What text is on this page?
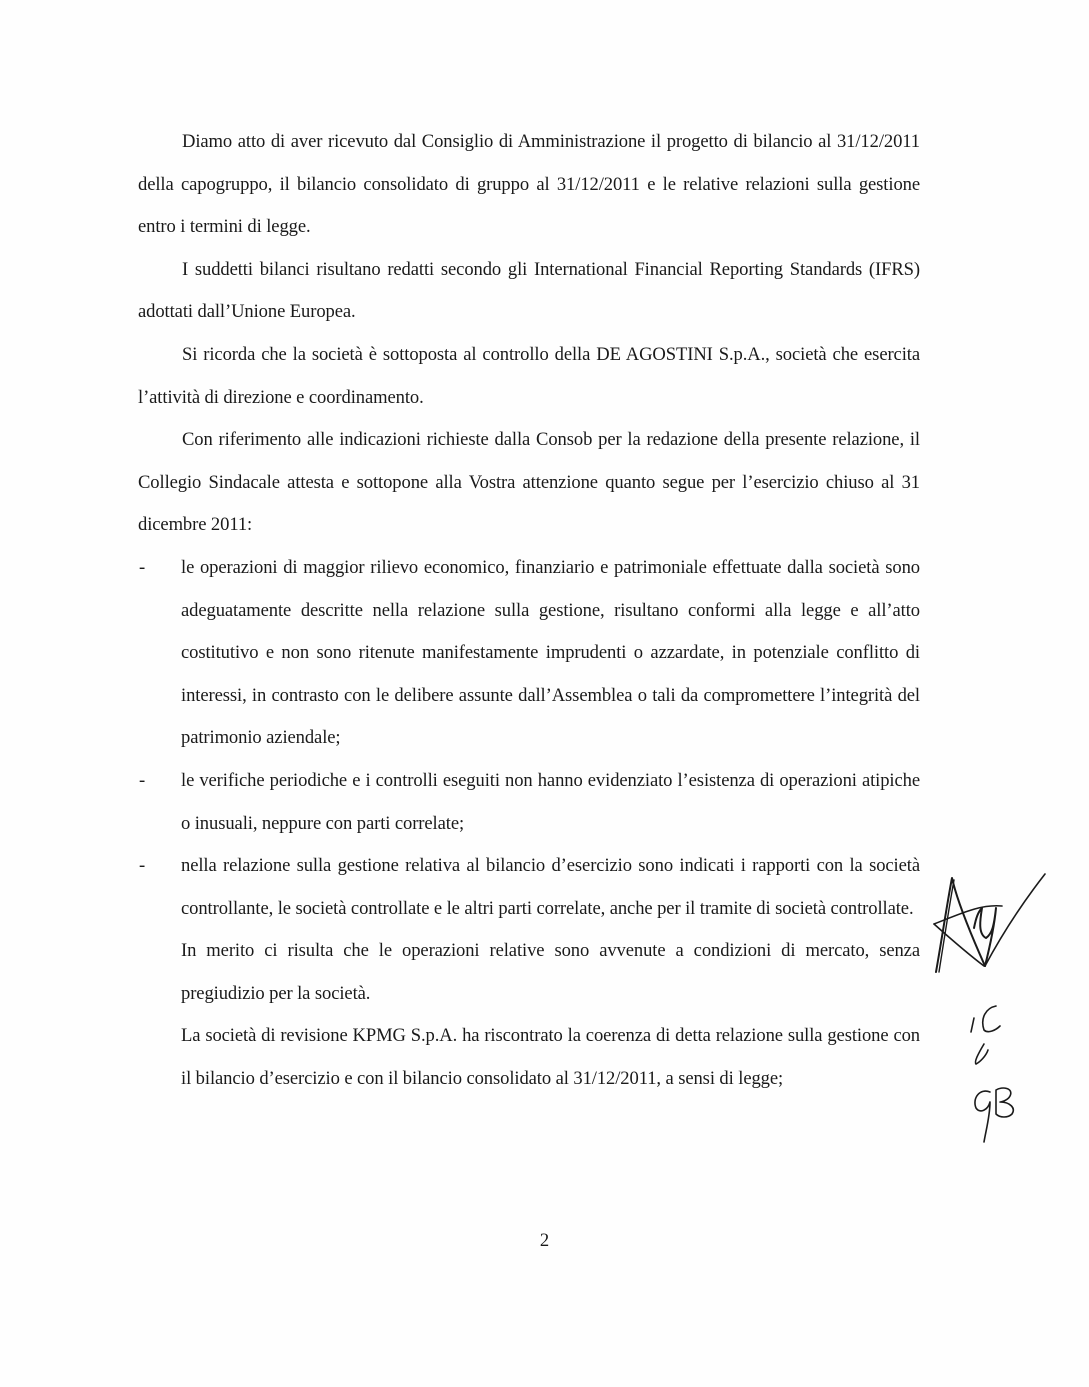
Diamo atto di aver ricevuto dal Consiglio di Amministrazione il progetto di bilancio al 31/12/2011 della capogruppo, il bilancio consolidato di gruppo al 31/12/2011 e le relative relazioni sulla gestione entro i termini di legge.

I suddetti bilanci risultano redatti secondo gli International Financial Reporting Standards (IFRS) adottati dall’Unione Europea.

Si ricorda che la società è sottoposta al controllo della DE AGOSTINI S.p.A., società che esercita l’attività di direzione e coordinamento.

Con riferimento alle indicazioni richieste dalla Consob per la redazione della presente relazione, il Collegio Sindacale attesta e sottopone alla Vostra attenzione quanto segue per l’esercizio chiuso al 31 dicembre 2011:

-	le operazioni di maggior rilievo economico, finanziario e patrimoniale effettuate dalla società sono adeguatamente descritte nella relazione sulla gestione, risultano conformi alla legge e all’atto costitutivo e non sono ritenute manifestamente imprudenti o azzardate, in potenziale conflitto di interessi, in contrasto con le delibere assunte dall’Assemblea o tali da compromettere l’integrità del patrimonio aziendale;
-	le verifiche periodiche e i controlli eseguiti non hanno evidenziato l’esistenza di operazioni atipiche o inusuali, neppure con parti correlate;
-	nella relazione sulla gestione relativa al bilancio d’esercizio sono indicati i rapporti con la società controllante, le società controllate e le altri parti correlate, anche per il tramite di società controllate.

In merito ci risulta che le operazioni relative sono avvenute a condizioni di mercato, senza pregiudizio per la società.

La società di revisione KPMG S.p.A. ha riscontrato la coerenza di detta relazione sulla gestione con il bilancio d’esercizio e con il bilancio consolidato al 31/12/2011, a sensi di legge;

2
